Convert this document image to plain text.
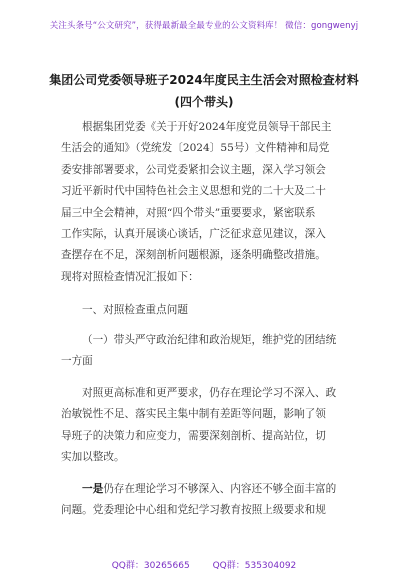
关注头条号“公文研究”，获得最新最全最专业的公文资料库！ 微信：gongwenyj
集团公司党委领导班子2024年度民主生活会对照检查材料
(四个带头)
根据集团党委《关于开好2024年度党员领导干部民主
生活会的通知》（党统发〔2024〕55号）文件精神和局党
委安排部署要求，公司党委紧扣会议主题，深入学习领会
习近平新时代中国特色社会主义思想和党的二十大及二十
届三中全会精神，对照“四个带头”重要要求，紧密联系
工作实际，认真开展谈心谈话，广泛征求意见建议，深入
查摆存在不足，深刻剖析问题根源，逐条明确整改措施。
现将对照检查情况汇报如下：
一、对照检查重点问题
（一）带头严守政治纪律和政治规矩，维护党的团结统
一方面
对照更高标准和更严要求，仍存在理论学习不深入、政
治敏锐性不足、落实民主集中制有差距等问题，影响了领
导班子的决策力和应变力，需要深刻剖析、提高站位，切
实加以整改。
一是仍存在理论学习不够深入、内容还不够全面丰富的
问题。党委理论中心组和党纪学习教育按照上级要求和规
QQ群：30265665	QQ群：535304092
